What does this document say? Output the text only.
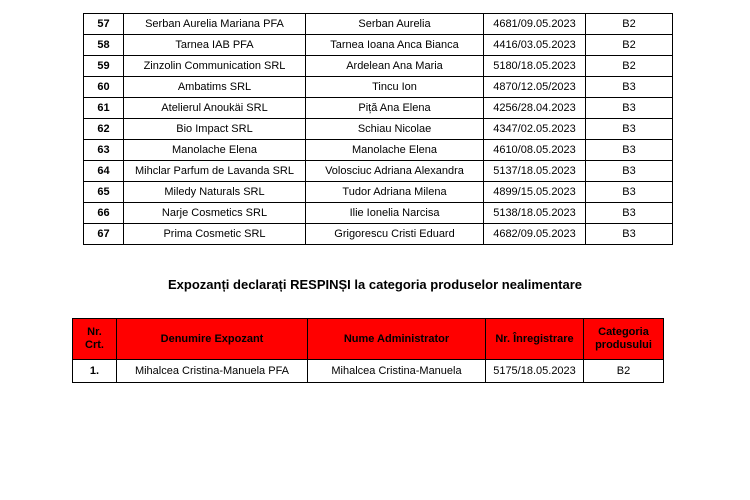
57	Serban Aurelia Mariana PFA	Serban Aurelia	4681/09.05.2023	B2
58	Tarnea IAB PFA	Tarnea Ioana Anca Bianca	4416/03.05.2023	B2
59	Zinzolin Communication SRL	Ardelean Ana Maria	5180/18.05.2023	B2
60	Ambatims SRL	Tincu Ion	4870/12.05/2023	B3
61	Atelierul Anoukäi SRL	Piță Ana Elena	4256/28.04.2023	B3
62	Bio Impact SRL	Schiau Nicolae	4347/02.05.2023	B3
63	Manolache Elena	Manolache Elena	4610/08.05.2023	B3
64	Mihclar Parfum de Lavanda SRL	Volosciuc Adriana Alexandra	5137/18.05.2023	B3
65	Miledy Naturals SRL	Tudor Adriana Milena	4899/15.05.2023	B3
66	Narje Cosmetics SRL	Ilie Ionelia Narcisa	5138/18.05.2023	B3
67	Prima Cosmetic SRL	Grigorescu Cristi Eduard	4682/09.05.2023	B3
Expozanți declarați RESPINȘI la categoria produselor nealimentare
Nr. Crt.	Denumire Expozant	Nume Administrator	Nr. Înregistrare	Categoria produsului
1.	Mihalcea Cristina-Manuela PFA	Mihalcea Cristina-Manuela	5175/18.05.2023	B2
